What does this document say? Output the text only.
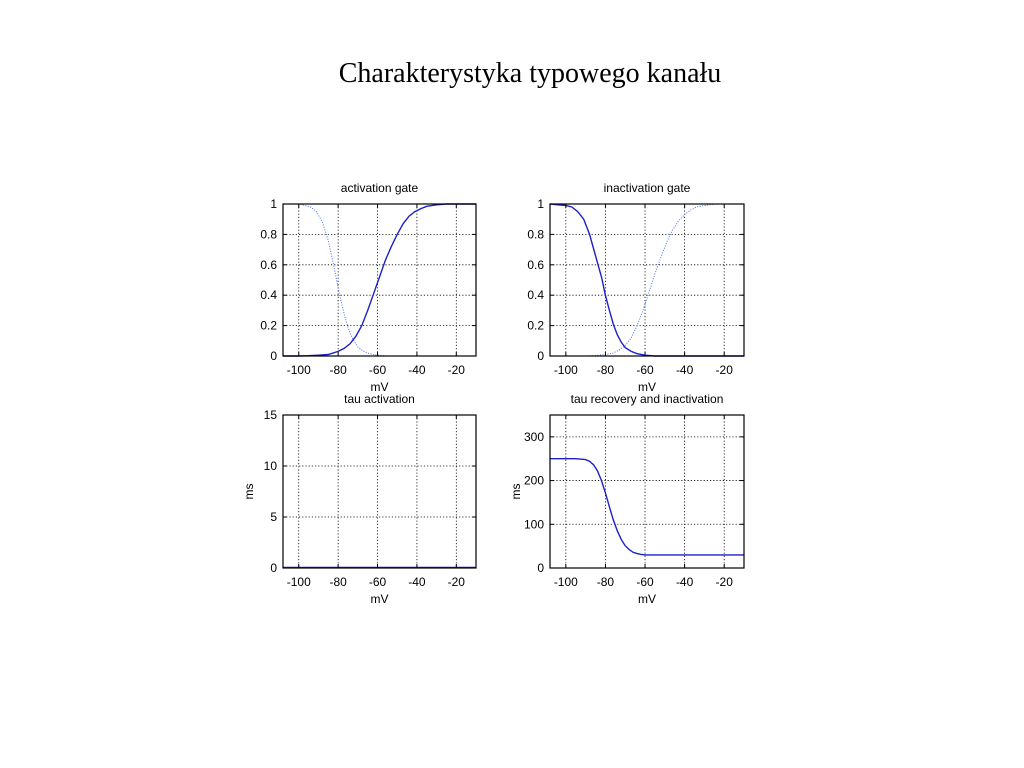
Charakterystyka typowego kanału
-100 -80 -60 -40 -20
0
0.2
0.4
0.6
0.8
1
activation gate
mV
-100 -80 -60 -40 -20
0
0.2
0.4
0.6
0.8
1
inactivation gate
mV
-100 -80 -60 -40 -20
0
5
10
15
tau activation
mV
ms
-100 -80 -60 -40 -20
0
100
200
300
tau recovery and inactivation
mV
ms
